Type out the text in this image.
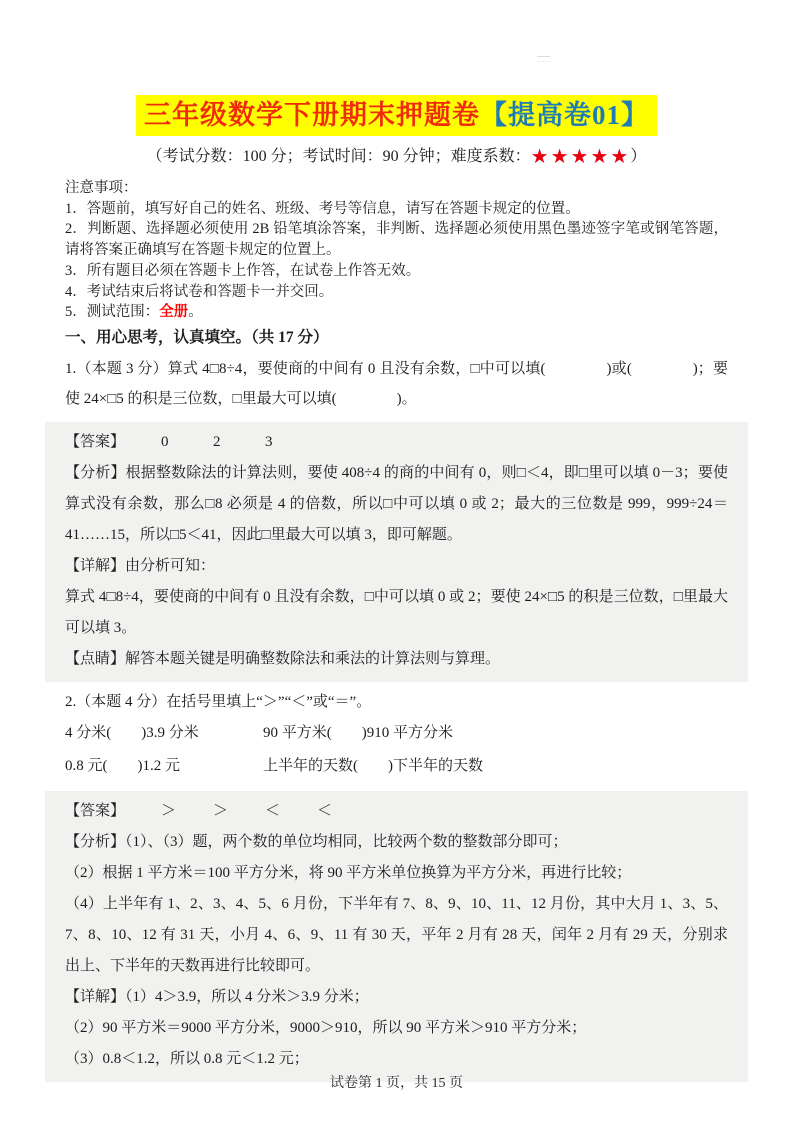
三年级数学下册期末押题卷【提高卷01】
（考试分数：100 分；考试时间：90 分钟；难度系数：★★★★★）

注意事项：

1．答题前，填写好自己的姓名、班级、考号等信息，请写在答题卡规定的位置。

2．判断题、选择题必须使用 2B 铅笔填涂答案，非判断、选择题必须使用黑色墨迹签字笔或钢笔答题，请将答案正确填写在答题卡规定的位置上。

3．所有题目必须在答题卡上作答，在试卷上作答无效。

4．考试结束后将试卷和答题卡一并交回。

5．测试范围：全册。

一、用心思考，认真填空。（共 17 分）
1.（本题 3 分）算式 4□8÷4，要使商的中间有 0 且没有余数，□中可以填(　　　　)或(　　　　)；要使 24×□5 的积是三位数，□里最大可以填(　　　　)。

【答案】 0	2	3

【分析】根据整数除法的计算法则，要使 408÷4 的商的中间有 0，则□＜4，即□里可以填 0－3；要使算式没有余数，那么□8 必须是 4 的倍数，所以□中可以填 0 或 2；最大的三位数是 999，999÷24＝41……15，所以□5＜41，因此□里最大可以填 3，即可解题。

【详解】由分析可知：

算式 4□8÷4，要使商的中间有 0 且没有余数，□中可以填 0 或 2；要使 24×□5 的积是三位数，□里最大可以填 3。

【点睛】解答本题关键是明确整数除法和乘法的计算法则与算理。

2.（本题 4 分）在括号里填上“＞”“＜”或“＝”。
4 分米(　　)3.9 分米	90 平方米(　　)910 平方分米
0.8 元(　　)1.2 元	上半年的天数(　　)下半年的天数

【答案】 ＞ ＞ ＜ ＜

【分析】（1）、（3）题，两个数的单位均相同，比较两个数的整数部分即可；

（2）根据 1 平方米＝100 平方分米，将 90 平方米单位换算为平方分米，再进行比较；

（4）上半年有 1、2、3、4、5、6 月份，下半年有 7、8、9、10、11、12 月份，其中大月 1、3、5、7、8、10、12 有 31 天，小月 4、6、9、11 有 30 天，平年 2 月有 28 天，闰年 2 月有 29 天，分别求出上、下半年的天数再进行比较即可。

【详解】（1）4＞3.9，所以 4 分米＞3.9 分米；

（2）90 平方米＝9000 平方分米，9000＞910，所以 90 平方米＞910 平方分米；

（3）0.8＜1.2，所以 0.8 元＜1.2 元；

试卷第 1 页，共 15 页
